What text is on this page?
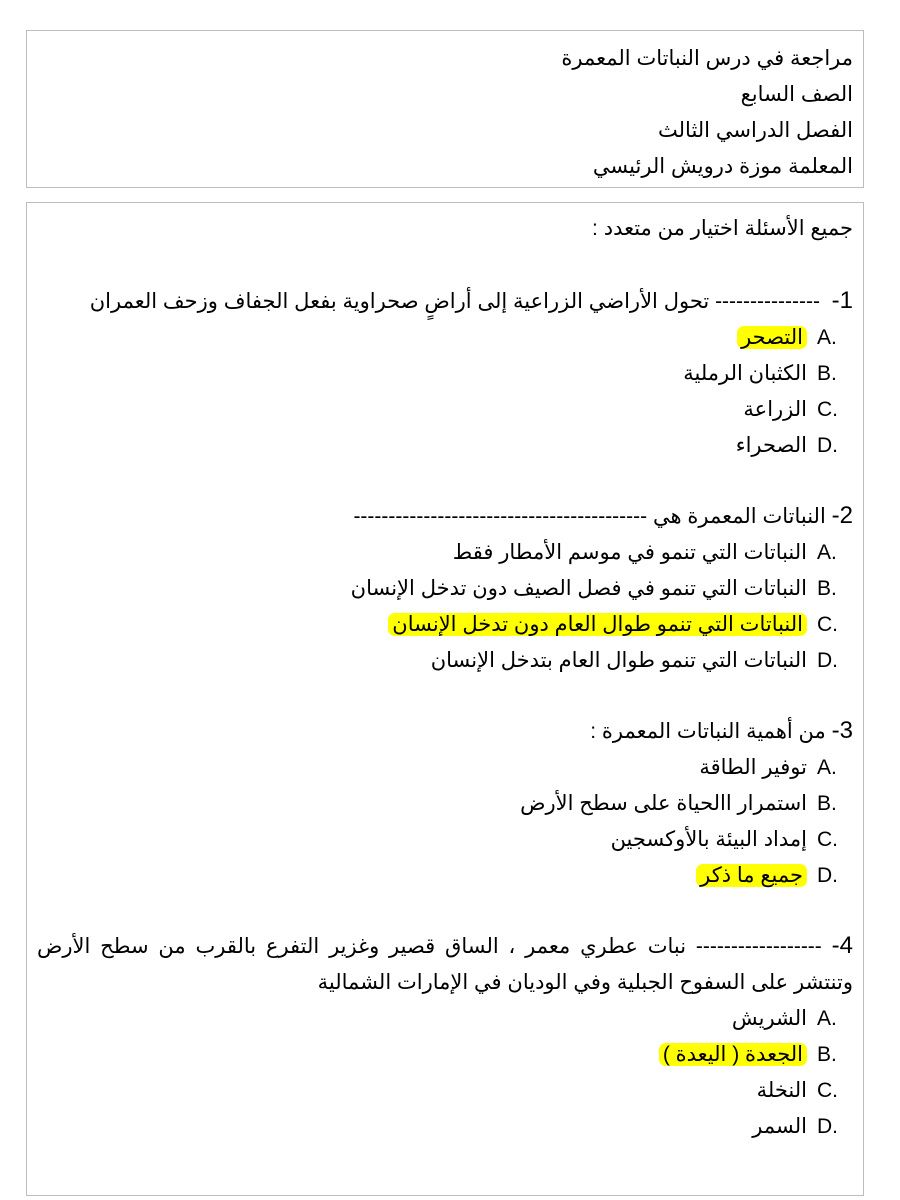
مراجعة في درس النباتات المعمرة
الصف السابع
الفصل الدراسي الثالث
المعلمة موزة درويش الرئيسي
جميع الأسئلة اختيار من متعدد :
1-  --------------- تحول الأراضي الزراعية إلى أراضٍ صحراوية بفعل الجفاف وزحف العمران
A.
التصحر
B.
الكثبان الرملية
C.
الزراعة
D.
الصحراء
2- النباتات المعمرة هي ------------------------------------------
A.
النباتات التي تنمو في موسم الأمطار فقط
B.
النباتات التي تنمو في فصل الصيف دون تدخل الإنسان
C.
النباتات التي تنمو طوال العام دون تدخل الإنسان
D.
النباتات التي تنمو طوال العام بتدخل الإنسان
3- من أهمية النباتات المعمرة :
A.
توفير الطاقة
B.
استمرار االحياة على سطح الأرض
C.
إمداد البيئة بالأوكسجين
D.
جميع ما ذكر
4- ------------------ نبات عطري معمر ، الساق قصير وغزير التفرع بالقرب من سطح الأرض وتنتشر على السفوح الجبلية وفي الوديان في الإمارات الشمالية
A.
الشريش
B.
الجعدة ( اليعدة )
C.
النخلة
D.
السمر
